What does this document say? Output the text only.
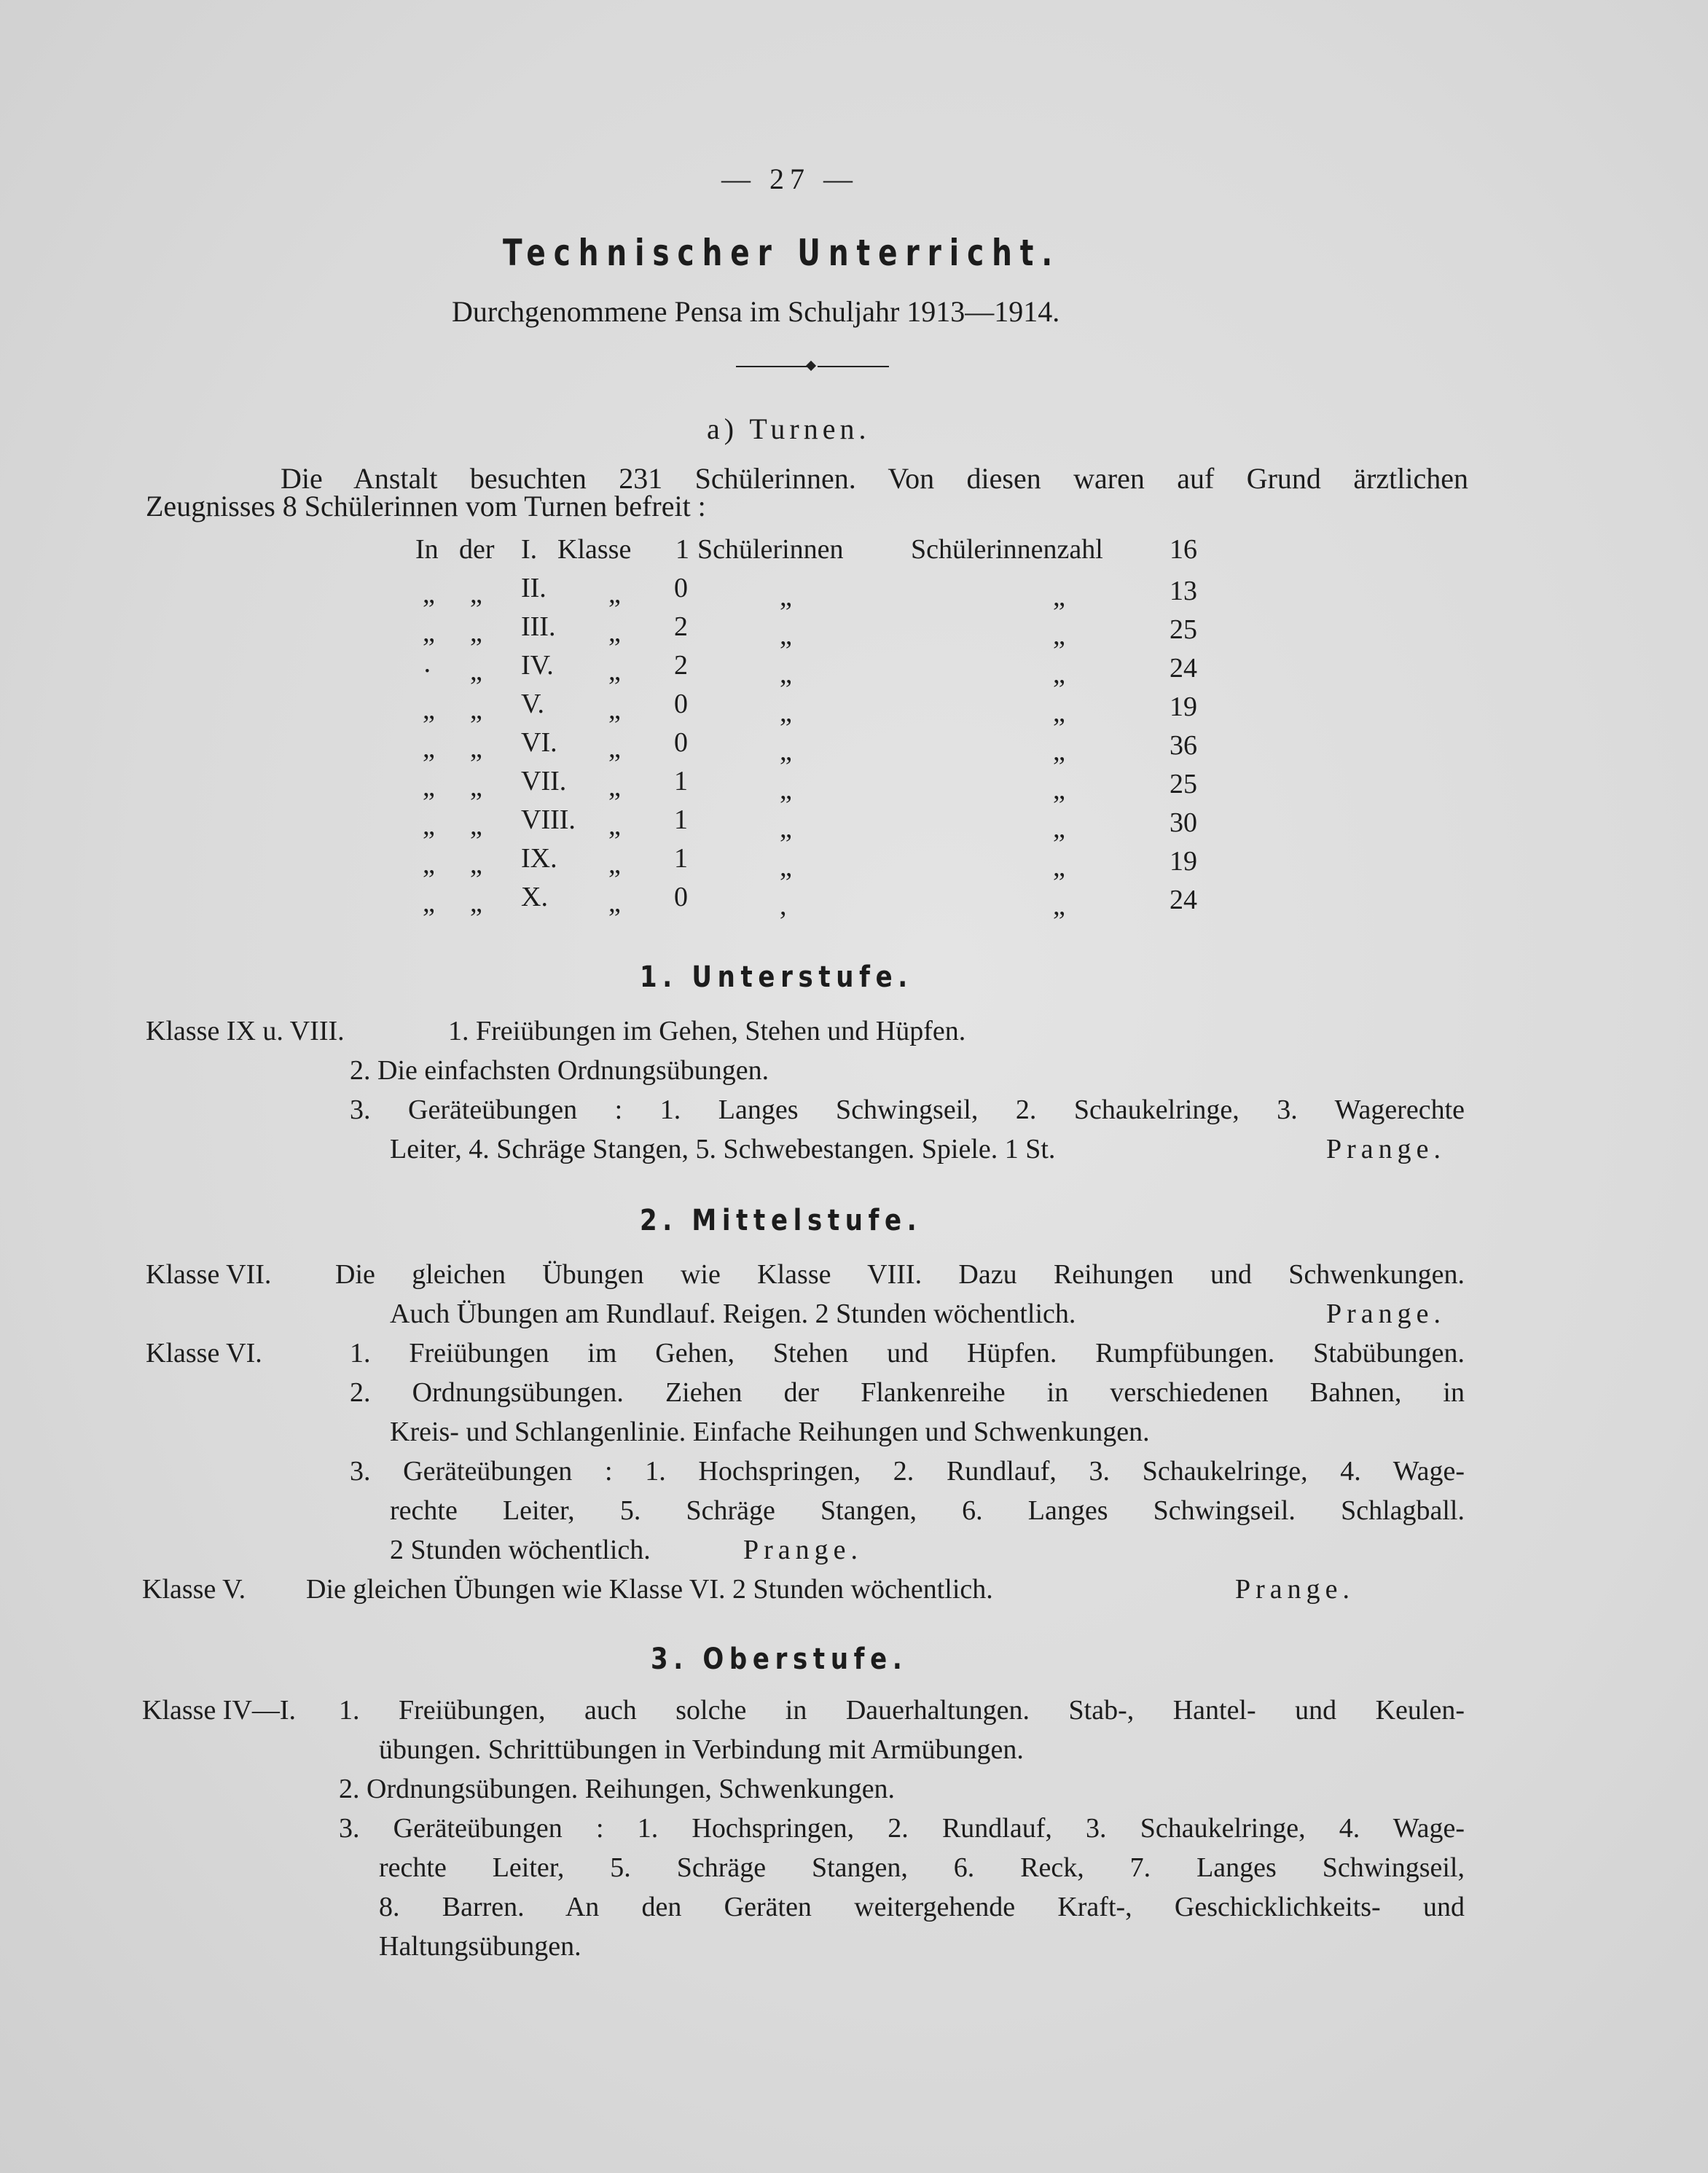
— 27 —
Technischer Unterricht.
Durchgenommene Pensa im Schuljahr 1913—1914.
a) Turnen.
Die Anstalt besuchten 231 Schülerinnen. Von diesen waren auf Grund ärztlichen
Zeugnisses 8 Schülerinnen vom Turnen befreit :
In der I. Klasse 1 Schülerinnen Schülerinnenzahl 16
„ „ II. „ 0	„	„	13
„ „ III. „ 2	„	„	25
· „ IV. „ 2	„	„	24
„ „ V. „ 0	„	„	19
„ „ VI. „ 0	„	„	36
„ „ VII. „ 1	„	„	25
„ „ VIII. „ 1	„	„	30
„ „ IX. „ 1	„	„	19
„ „ X. „ 0	,	„	24
1. Unterstufe.
Klasse IX u. VIII.	1. Freiübungen im Gehen, Stehen und Hüpfen.
2. Die einfachsten Ordnungsübungen.
3. Geräteübungen : 1. Langes Schwingseil, 2. Schaukelringe, 3. Wagerechte
Leiter, 4. Schräge Stangen, 5. Schwebestangen. Spiele. 1 St.	Prange.
2. Mittelstufe.
Klasse VII. Die gleichen Übungen wie Klasse VIII. Dazu Reihungen und Schwenkungen.
Auch Übungen am Rundlauf. Reigen. 2 Stunden wöchentlich.	Prange.
Klasse VI.	1. Freiübungen im Gehen, Stehen und Hüpfen. Rumpfübungen. Stabübungen.
2. Ordnungsübungen. Ziehen der Flankenreihe in verschiedenen Bahnen, in
Kreis- und Schlangenlinie. Einfache Reihungen und Schwenkungen.
3. Geräteübungen : 1. Hochspringen, 2. Rundlauf, 3. Schaukelringe, 4. Wage-
rechte Leiter, 5. Schräge Stangen, 6. Langes Schwingseil. Schlagball.
2 Stunden wöchentlich.	Prange.
Klasse V. Die gleichen Übungen wie Klasse VI. 2 Stunden wöchentlich.	Prange.
3. Oberstufe.
Klasse IV—I. 1. Freiübungen, auch solche in Dauerhaltungen. Stab-, Hantel- und Keulen-
übungen. Schrittübungen in Verbindung mit Armübungen.
2. Ordnungsübungen. Reihungen, Schwenkungen.
3. Geräteübungen : 1. Hochspringen, 2. Rundlauf, 3. Schaukelringe, 4. Wage-
rechte Leiter, 5. Schräge Stangen, 6. Reck, 7. Langes Schwingseil,
8. Barren. An den Geräten weitergehende Kraft-, Geschicklichkeits- und
Haltungsübungen.
